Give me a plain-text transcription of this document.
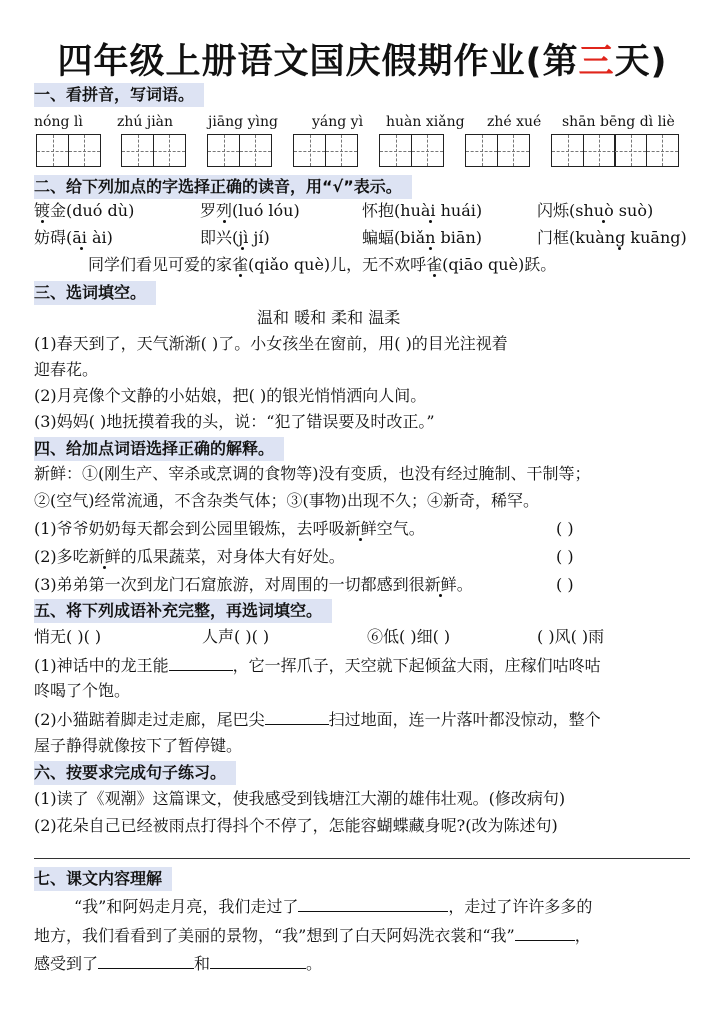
四年级上册语文国庆假期作业(第三天)
一、看拼音，写词语。
nóng lì zhú jiàn jiāng yìng yáng yì huàn xiǎng zhé xué shān bēng dì liè
二、给下列加点的字选择正确的读音，用“√”表示。
镀金(duó dù)	罗列(luó lóu)	怀抱(huài huái)	闪烁(shuò suò)
妨碍(āi ài)	即兴(jì jí)	蝙蝠(biǎn biān)	门框(kuàng kuāng)
同学们看见可爱的家雀(qiǎo què)儿，无不欢呼雀(qiāo què)跃。
三、选词填空。
温和 暖和 柔和 温柔
(1)春天到了，天气渐渐( )了。小女孩坐在窗前，用( )的目光注视着
迎春花。
(2)月亮像个文静的小姑娘，把( )的银光悄悄洒向人间。
(3)妈妈( )地抚摸着我的头，说：“犯了错误要及时改正。”
四、给加点词语选择正确的解释。
新鲜：①(刚生产、宰杀或烹调的食物等)没有变质，也没有经过腌制、干制等；
②(空气)经常流通，不含杂类气体；③(事物)出现不久；④新奇，稀罕。
(1)爷爷奶奶每天都会到公园里锻炼，去呼吸新鲜空气。	( )
(2)多吃新鲜的瓜果蔬菜，对身体大有好处。	( )
(3)弟弟第一次到龙门石窟旅游，对周围的一切都感到很新鲜。	( )
五、将下列成语补充完整，再选词填空。
悄无( )( )	人声( )( )	⑥低( )细( )	( )风( )雨
(1)神话中的龙王能	，它一挥爪子，天空就下起倾盆大雨，庄稼们咕咚咕
咚喝了个饱。
(2)小猫踮着脚走过走廊，尾巴尖	扫过地面，连一片落叶都没惊动，整个
屋子静得就像按下了暂停键。
六、按要求完成句子练习。
(1)读了《观潮》这篇课文，使我感受到钱塘江大潮的雄伟壮观。(修改病句)
(2)花朵自己已经被雨点打得抖个不停了，怎能容蝴蝶藏身呢?(改为陈述句)
七、课文内容理解
“我”和阿妈走月亮，我们走过了	，走过了许许多多的
地方，我们看看到了美丽的景物，“我”想到了白天阿妈洗衣裳和“我”	，
感受到了	和	。
